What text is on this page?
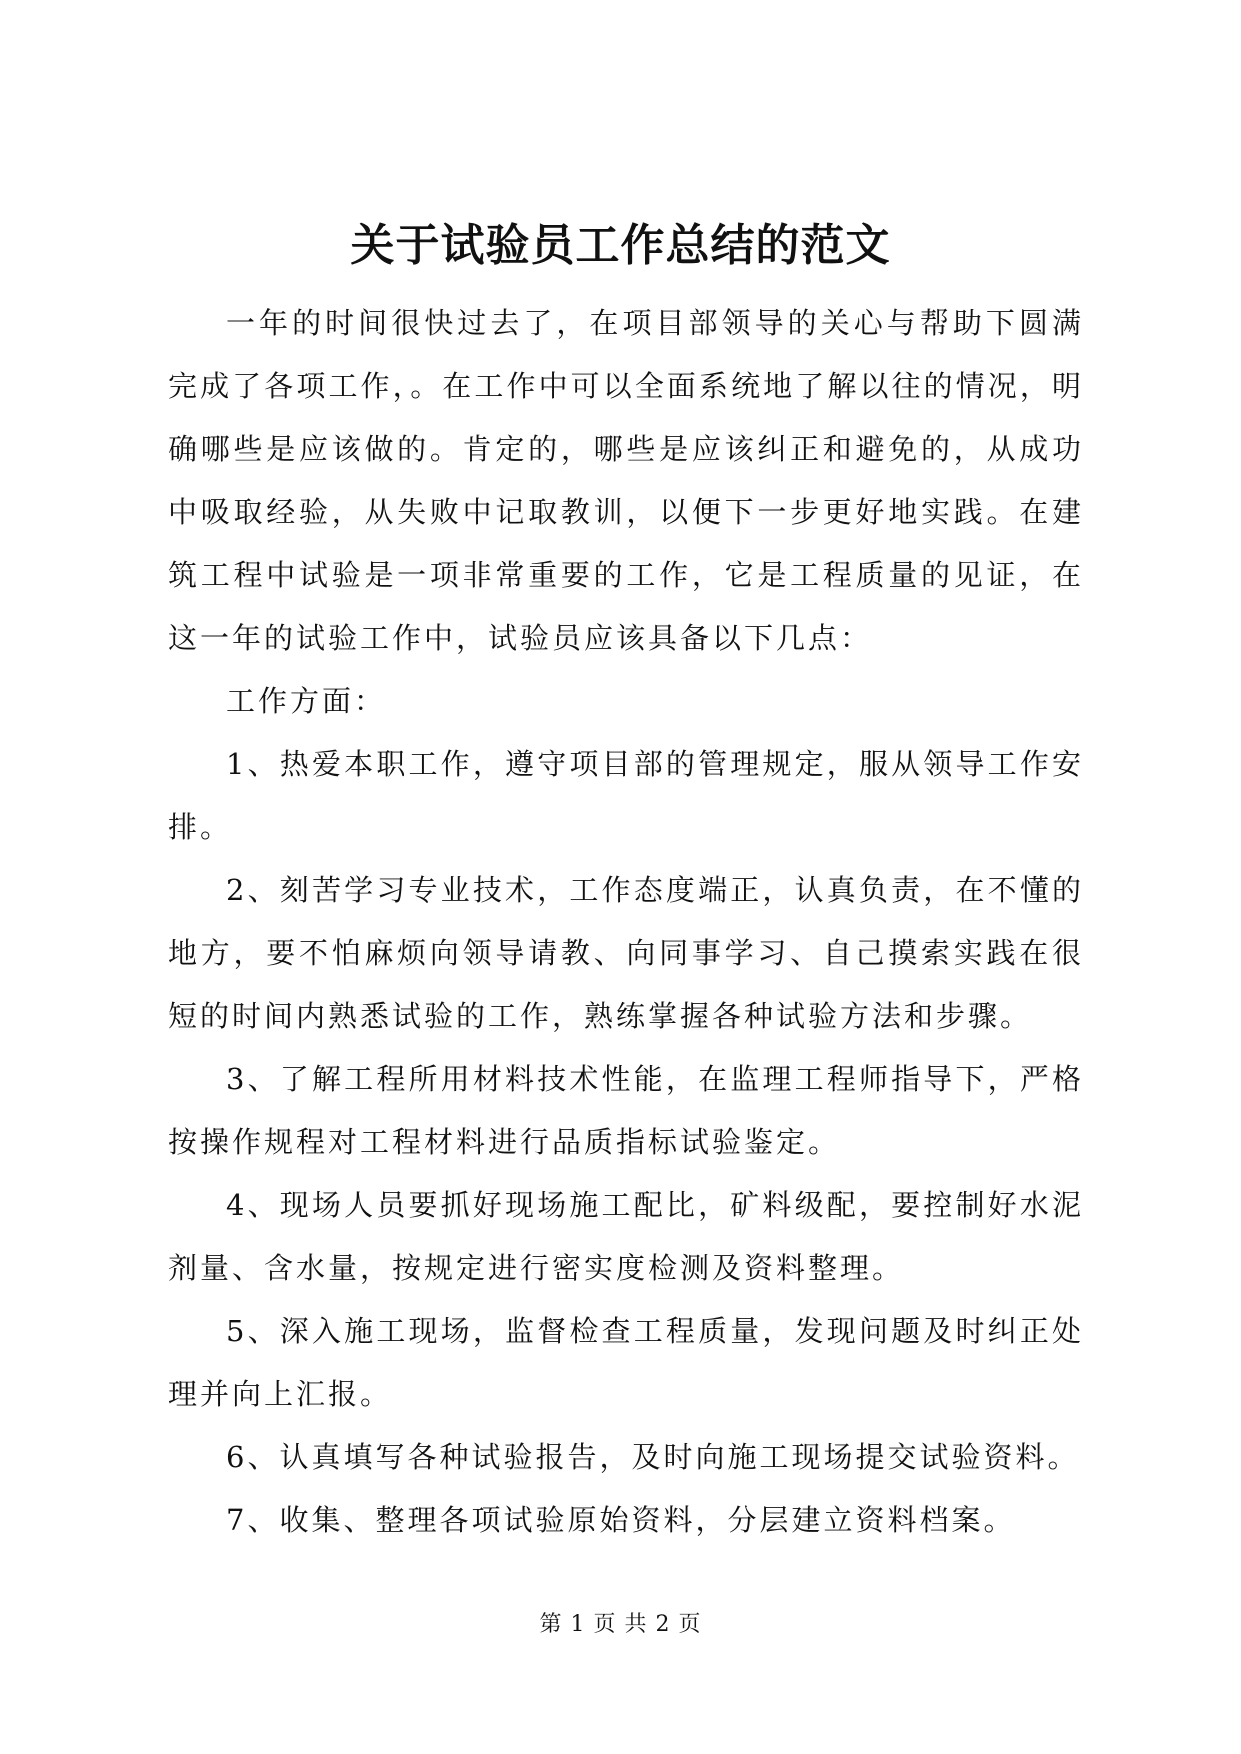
关于试验员工作总结的范文

一年的时间很快过去了，在项目部领导的关心与帮助下圆满完成了各项工作，。在工作中可以全面系统地了解以往的情况，明确哪些是应该做的。肯定的，哪些是应该纠正和避免的，从成功中吸取经验，从失败中记取教训，以便下一步更好地实践。在建筑工程中试验是一项非常重要的工作，它是工程质量的见证，在这一年的试验工作中，试验员应该具备以下几点：

工作方面：

1、热爱本职工作，遵守项目部的管理规定，服从领导工作安排。

2、刻苦学习专业技术，工作态度端正，认真负责，在不懂的地方，要不怕麻烦向领导请教、向同事学习、自己摸索实践在很短的时间内熟悉试验的工作，熟练掌握各种试验方法和步骤。

3、了解工程所用材料技术性能，在监理工程师指导下，严格按操作规程对工程材料进行品质指标试验鉴定。

4、现场人员要抓好现场施工配比，矿料级配，要控制好水泥剂量、含水量，按规定进行密实度检测及资料整理。

5、深入施工现场，监督检查工程质量，发现问题及时纠正处理并向上汇报。

6、认真填写各种试验报告，及时向施工现场提交试验资料。

7、收集、整理各项试验原始资料，分层建立资料档案。

第 1 页 共 2 页
